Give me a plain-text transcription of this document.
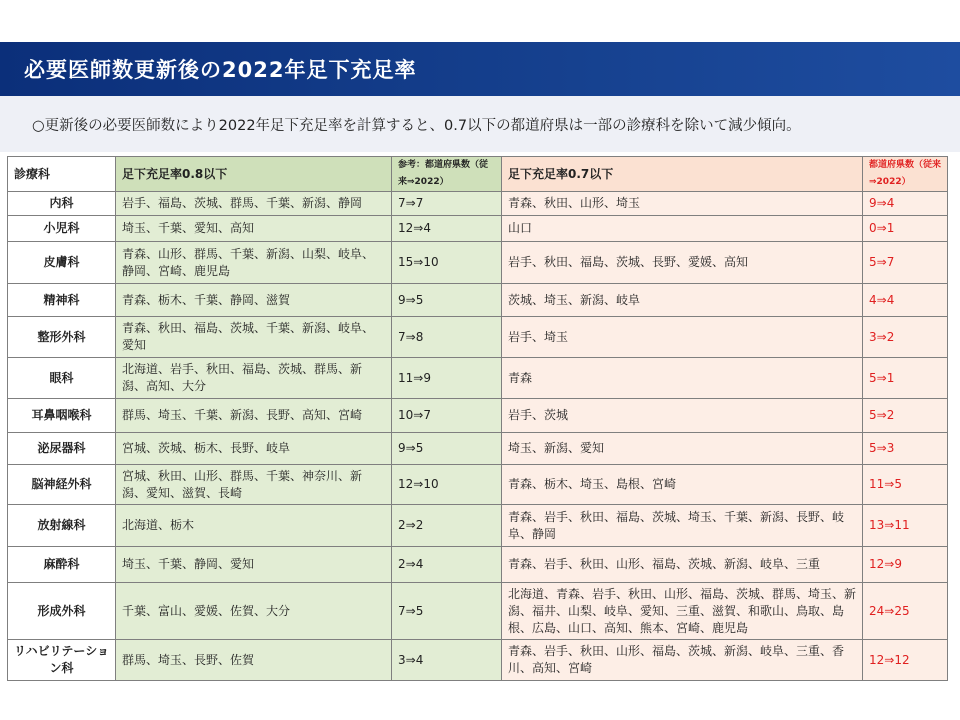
必要医師数更新後の2022年足下充足率
○更新後の必要医師数により2022年足下充足率を計算すると、0.7以下の都道府県は一部の診療科を除いて減少傾向。
診療科	足下充足率0.8以下	参考：都道府県数（従来⇒2022）	足下充足率0.7以下	都道府県数（従来⇒2022）
内科	岩手、福島、茨城、群馬、千葉、新潟、静岡	7⇒7	青森、秋田、山形、埼玉	9⇒4
小児科	埼玉、千葉、愛知、高知	12⇒4	山口	0⇒1
皮膚科	青森、山形、群馬、千葉、新潟、山梨、岐阜、静岡、宮崎、鹿児島	15⇒10	岩手、秋田、福島、茨城、長野、愛媛、高知	5⇒7
精神科	青森、栃木、千葉、静岡、滋賀	9⇒5	茨城、埼玉、新潟、岐阜	4⇒4
整形外科	青森、秋田、福島、茨城、千葉、新潟、岐阜、愛知	7⇒8	岩手、埼玉	3⇒2
眼科	北海道、岩手、秋田、福島、茨城、群馬、新潟、高知、大分	11⇒9	青森	5⇒1
耳鼻咽喉科	群馬、埼玉、千葉、新潟、長野、高知、宮崎	10⇒7	岩手、茨城	5⇒2
泌尿器科	宮城、茨城、栃木、長野、岐阜	9⇒5	埼玉、新潟、愛知	5⇒3
脳神経外科	宮城、秋田、山形、群馬、千葉、神奈川、新潟、愛知、滋賀、長崎	12⇒10	青森、栃木、埼玉、島根、宮崎	11⇒5
放射線科	北海道、栃木	2⇒2	青森、岩手、秋田、福島、茨城、埼玉、千葉、新潟、長野、岐阜、静岡	13⇒11
麻酔科	埼玉、千葉、静岡、愛知	2⇒4	青森、岩手、秋田、山形、福島、茨城、新潟、岐阜、三重	12⇒9
形成外科	千葉、富山、愛媛、佐賀、大分	7⇒5	北海道、青森、岩手、秋田、山形、福島、茨城、群馬、埼玉、新潟、福井、山梨、岐阜、愛知、三重、滋賀、和歌山、鳥取、島根、広島、山口、高知、熊本、宮崎、鹿児島	24⇒25
リハビリテーション科	群馬、埼玉、長野、佐賀	3⇒4	青森、岩手、秋田、山形、福島、茨城、新潟、岐阜、三重、香川、高知、宮崎	12⇒12
